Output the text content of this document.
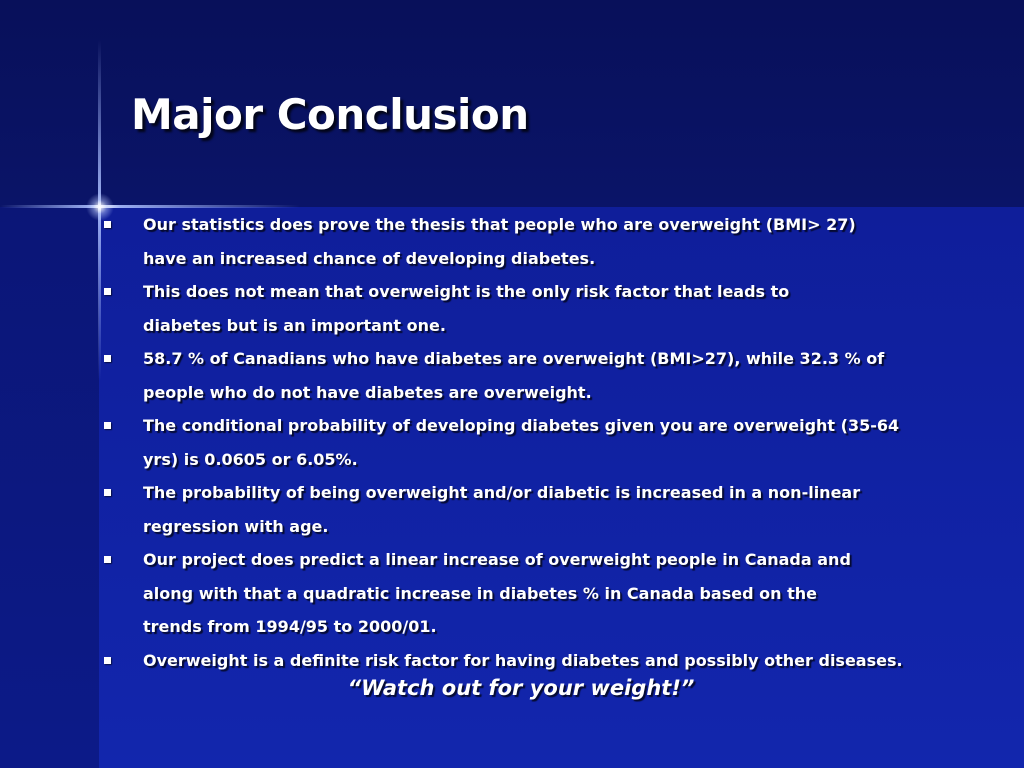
Major Conclusion
Our statistics does prove the thesis that people who are overweight (BMI> 27)
have an increased chance of developing diabetes.
This does not mean that overweight is the only risk factor that leads to
diabetes but is an important one.
58.7 % of Canadians who have diabetes are overweight (BMI>27), while 32.3 % of
people who do not have diabetes are overweight.
The conditional probability of developing diabetes given you are overweight (35-64
yrs) is 0.0605 or 6.05%.
The probability of being overweight and/or diabetic is increased in a non-linear
regression with age.
Our project does predict a linear increase of overweight people in Canada and
along with that a quadratic increase in diabetes % in Canada based on the
trends from 1994/95 to 2000/01.
Overweight is a definite risk factor for having diabetes and possibly other diseases.
“Watch out for your weight!”
